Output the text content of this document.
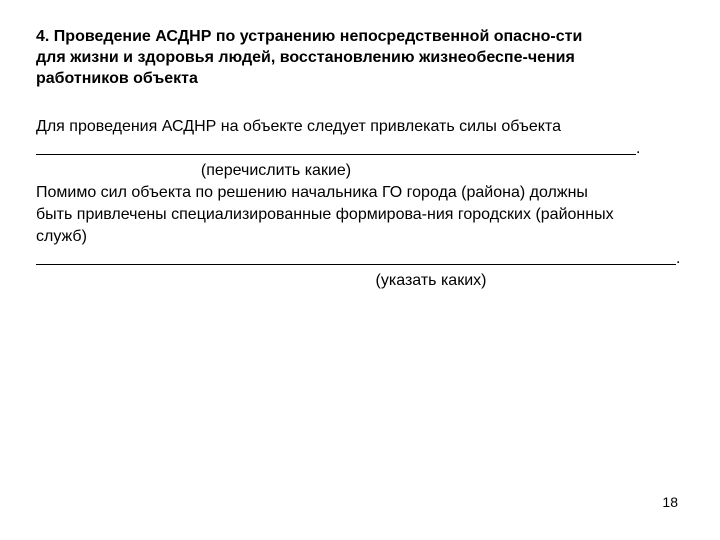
4. Проведение АСДНР по устранению непосредственной опасно-сти
для жизни и здоровья людей, восстановлению жизнеобеспе-чения
работников объекта
Для проведения АСДНР на объекте следует привлекать силы объекта
.
(перечислить какие)
Помимо сил объекта по решению начальника ГО города (района) должны
быть привлечены специализированные формирова-ния городских (районных
служб)
.
(указать каких)
18
